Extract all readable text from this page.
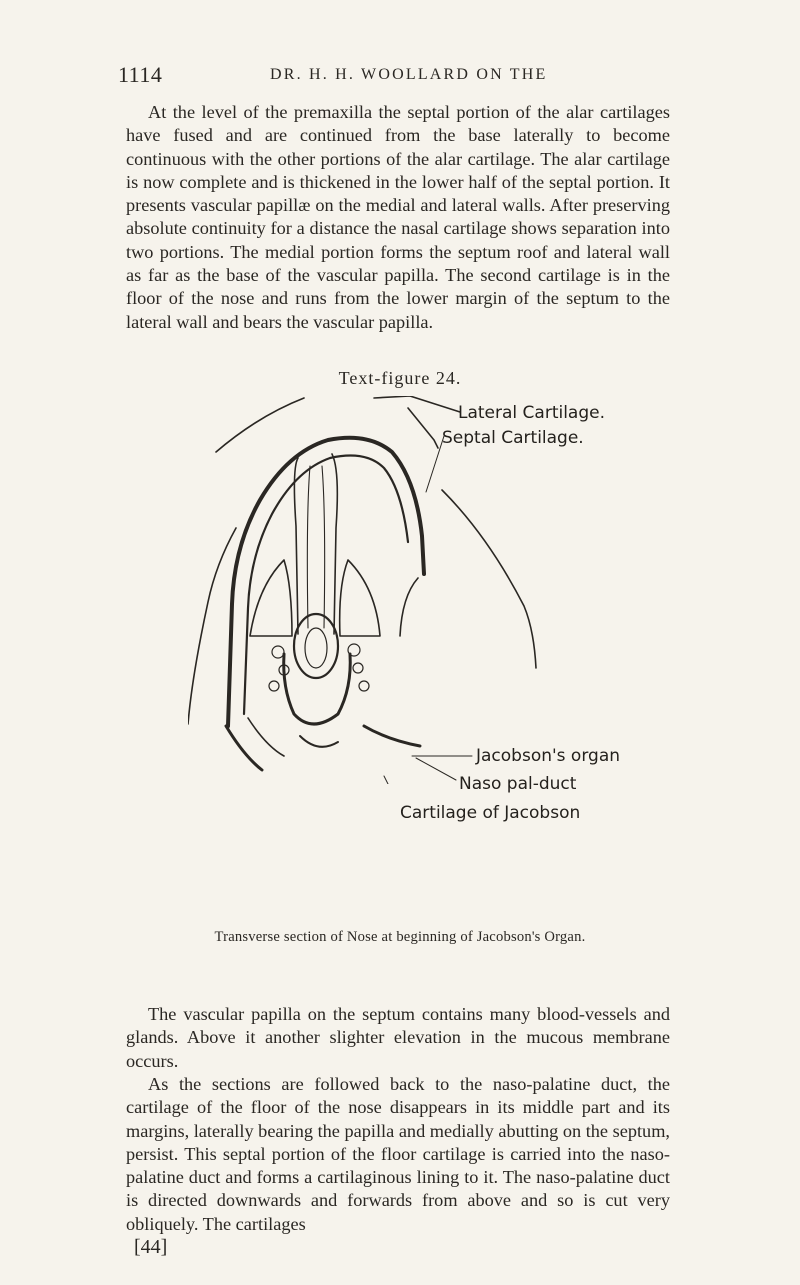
1114	DR. H. H. WOOLLARD ON THE

At the level of the premaxilla the septal portion of the alar cartilages have fused and are continued from the base laterally to become continuous with the other portions of the alar cartilage. The alar cartilage is now complete and is thickened in the lower half of the septal portion. It presents vascular papillæ on the medial and lateral walls. After preserving absolute continuity for a distance the nasal cartilage shows separation into two portions. The medial portion forms the septum roof and lateral wall as far as the base of the vascular papilla. The second cartilage is in the floor of the nose and runs from the lower margin of the septum to the lateral wall and bears the vascular papilla.

Text-figure 24.
Lateral Cartilage.
Septal Cartilage.
Jacobson's organ
Naso pal-duct
Cartilage of Jacobson
Transverse section of Nose at beginning of Jacobson's Organ.

The vascular papilla on the septum contains many blood-vessels and glands. Above it another slighter elevation in the mucous membrane occurs.

As the sections are followed back to the naso-palatine duct, the cartilage of the floor of the nose disappears in its middle part and its margins, laterally bearing the papilla and medially abutting on the septum, persist. This septal portion of the floor cartilage is carried into the naso-palatine duct and forms a cartilaginous lining to it. The naso-palatine duct is directed downwards and forwards from above and so is cut very obliquely. The cartilages

[44]
